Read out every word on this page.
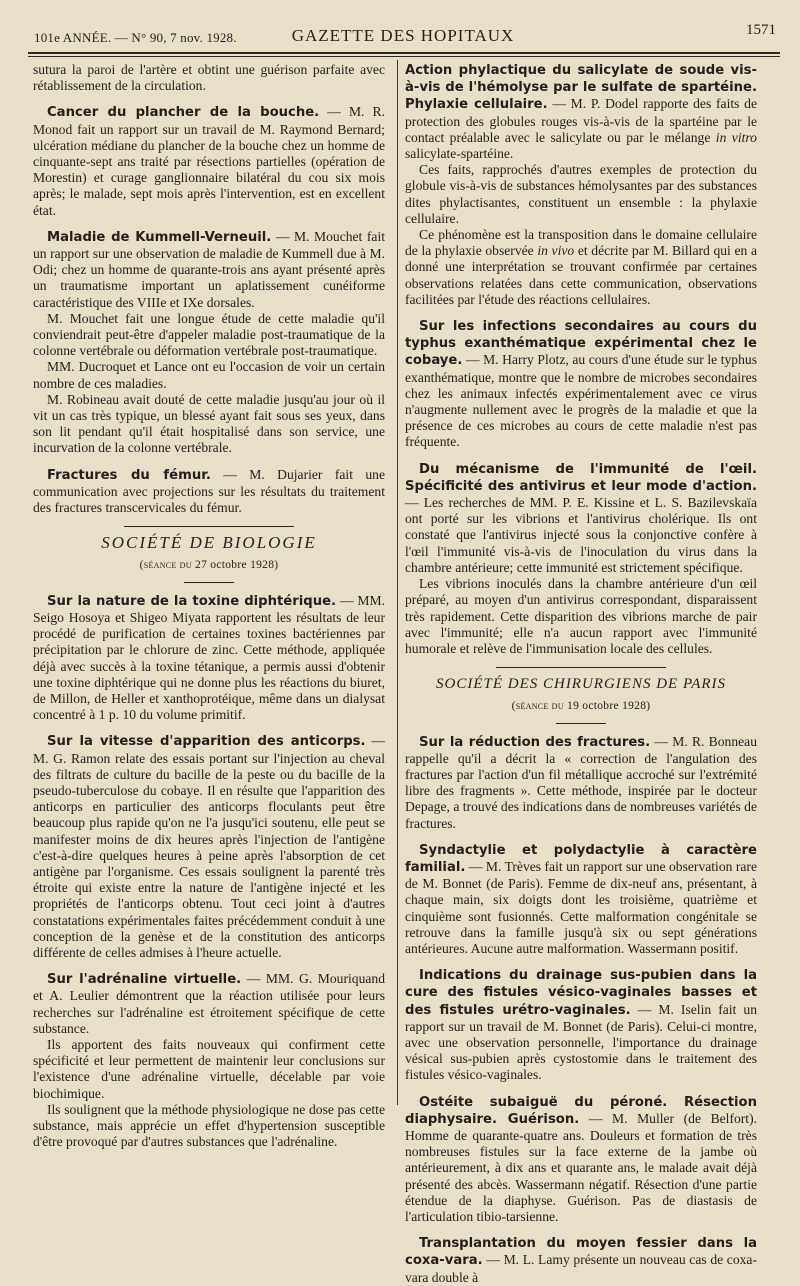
101e ANNÉE. — N° 90, 7 nov. 1928.	GAZETTE DES HOPITAUX	1571

sutura la paroi de l'artère et obtint une guérison parfaite avec rétablissement de la circulation.

Cancer du plancher de la bouche. — M. R. Monod fait un rapport sur un travail de M. Raymond Bernard; ulcération médiane du plancher de la bouche chez un homme de cinquante-sept ans traité par résections partielles (opération de Morestin) et curage ganglionnaire bilatéral du cou six mois après; le malade, sept mois après l'intervention, est en excellent état.

Maladie de Kummell-Verneuil. — M. Mouchet fait un rapport sur une observation de maladie de Kummell due à M. Odi; chez un homme de quarante-trois ans ayant présenté après un traumatisme important un aplatissement cunéiforme caractéristique des VIIIe et IXe dorsales.

M. Mouchet fait une longue étude de cette maladie qu'il conviendrait peut-être d'appeler maladie post-traumatique de la colonne vertébrale ou déformation vertébrale post-traumatique.

MM. Ducroquet et Lance ont eu l'occasion de voir un certain nombre de ces maladies.

M. Robineau avait douté de cette maladie jusqu'au jour où il vit un cas très typique, un blessé ayant fait sous ses yeux, dans son lit pendant qu'il était hospitalisé dans son service, une incurvation de la colonne vertébrale.

Fractures du fémur. — M. Dujarier fait une communication avec projections sur les résultats du traitement des fractures transcervicales du fémur.

SOCIÉTÉ DE BIOLOGIE
(séance du 27 octobre 1928)

Sur la nature de la toxine diphtérique. — MM. Seigo Hosoya et Shigeo Miyata rapportent les résultats de leur procédé de purification de certaines toxines bactériennes par précipitation par le chlorure de zinc. Cette méthode, appliquée déjà avec succès à la toxine tétanique, a permis aussi d'obtenir une toxine diphtérique qui ne donne plus les réactions du biuret, de Millon, de Heller et xanthoprotéique, même dans un dialysat concentré à 1 p. 10 du volume primitif.

Sur la vitesse d'apparition des anticorps. — M. G. Ramon relate des essais portant sur l'injection au cheval des filtrats de culture du bacille de la peste ou du bacille de la pseudo-tuberculose du cobaye. Il en résulte que l'apparition des anticorps en particulier des anticorps floculants peut être beaucoup plus rapide qu'on ne l'a jusqu'ici soutenu, elle peut se manifester moins de dix heures après l'injection de l'antigène c'est-à-dire quelques heures à peine après l'absorption de cet antigène par l'organisme. Ces essais soulignent la parenté très étroite qui existe entre la nature de l'antigène injecté et les propriétés de l'anticorps obtenu. Tout ceci joint à d'autres constatations expérimentales faites précédemment conduit à une conception de la genèse et de la constitution des anticorps différente de celles admises à l'heure actuelle.

Sur l'adrénaline virtuelle. — MM. G. Mouriquand et A. Leulier démontrent que la réaction utilisée pour leurs recherches sur l'adrénaline est étroitement spécifique de cette substance.

Ils apportent des faits nouveaux qui confirment cette spécificité et leur permettent de maintenir leur conclusions sur l'existence d'une adrénaline virtuelle, décelable par voie biochimique.

Ils soulignent que la méthode physiologique ne dose pas cette substance, mais apprécie un effet d'hypertension susceptible d'être provoqué par d'autres substances que l'adrénaline.

Action phylactique du salicylate de soude vis-à-vis de l'hémolyse par le sulfate de spartéine. Phylaxie cellulaire. — M. P. Dodel rapporte des faits de protection des globules rouges vis-à-vis de la spartéine par le contact préalable avec le salicylate ou par le mélange in vitro salicylate-spartéine.

Ces faits, rapprochés d'autres exemples de protection du globule vis-à-vis de substances hémolysantes par des substances dites phylactisantes, constituent un ensemble : la phylaxie cellulaire.

Ce phénomène est la transposition dans le domaine cellulaire de la phylaxie observée in vivo et décrite par M. Billard qui en a donné une interprétation se trouvant confirmée par certaines observations relatées dans cette communication, observations facilitées par l'étude des réactions cellulaires.

Sur les infections secondaires au cours du typhus exanthématique expérimental chez le cobaye. — M. Harry Plotz, au cours d'une étude sur le typhus exanthématique, montre que le nombre de microbes secondaires chez les animaux infectés expérimentalement avec ce virus n'augmente nullement avec le progrès de la maladie et que la présence de ces microbes au cours de cette maladie n'est pas fréquente.

Du mécanisme de l'immunité de l'œil. Spécificité des antivirus et leur mode d'action. — Les recherches de MM. P. E. Kissine et L. S. Bazilevskaïa ont porté sur les vibrions et l'antivirus cholérique. Ils ont constaté que l'antivirus injecté sous la conjonctive confère à l'œil l'immunité vis-à-vis de l'inoculation du virus dans la chambre antérieure; cette immunité est strictement spécifique.

Les vibrions inoculés dans la chambre antérieure d'un œil préparé, au moyen d'un antivirus correspondant, disparaissent très rapidement. Cette disparition des vibrions marche de pair avec l'immunité; elle n'a aucun rapport avec l'immunité humorale et relève de l'immunisation locale des cellules.

SOCIÉTÉ DES CHIRURGIENS DE PARIS
(séance du 19 octobre 1928)

Sur la réduction des fractures. — M. R. Bonneau rappelle qu'il a décrit la « correction de l'angulation des fractures par l'action d'un fil métallique accroché sur l'extrémité libre des fragments ». Cette méthode, inspirée par le docteur Depage, a trouvé des indications dans de nombreuses variétés de fractures.

Syndactylie et polydactylie à caractère familial. — M. Trèves fait un rapport sur une observation rare de M. Bonnet (de Paris). Femme de dix-neuf ans, présentant, à chaque main, six doigts dont les troisième, quatrième et cinquième sont fusionnés. Cette malformation congénitale se retrouve dans la famille jusqu'à six ou sept générations antérieures. Aucune autre malformation. Wassermann positif.

Indications du drainage sus-pubien dans la cure des fistules vésico-vaginales basses et des fistules urétro-vaginales. — M. Iselin fait un rapport sur un travail de M. Bonnet (de Paris). Celui-ci montre, avec une observation personnelle, l'importance du drainage vésical sus-pubien après cystostomie dans le traitement des fistules vésico-vaginales.

Ostéite subaiguë du péroné. Résection diaphysaire. Guérison. — M. Muller (de Belfort). Homme de quarante-quatre ans. Douleurs et formation de très nombreuses fistules sur la face externe de la jambe où antérieurement, à dix ans et quarante ans, le malade avait déjà présenté des abcès. Wassermann négatif. Résection d'une partie étendue de la diaphyse. Guérison. Pas de diastasis de l'articulation tibio-tarsienne.

Transplantation du moyen fessier dans la coxa-vara. — M. L. Lamy présente un nouveau cas de coxa-vara double à
